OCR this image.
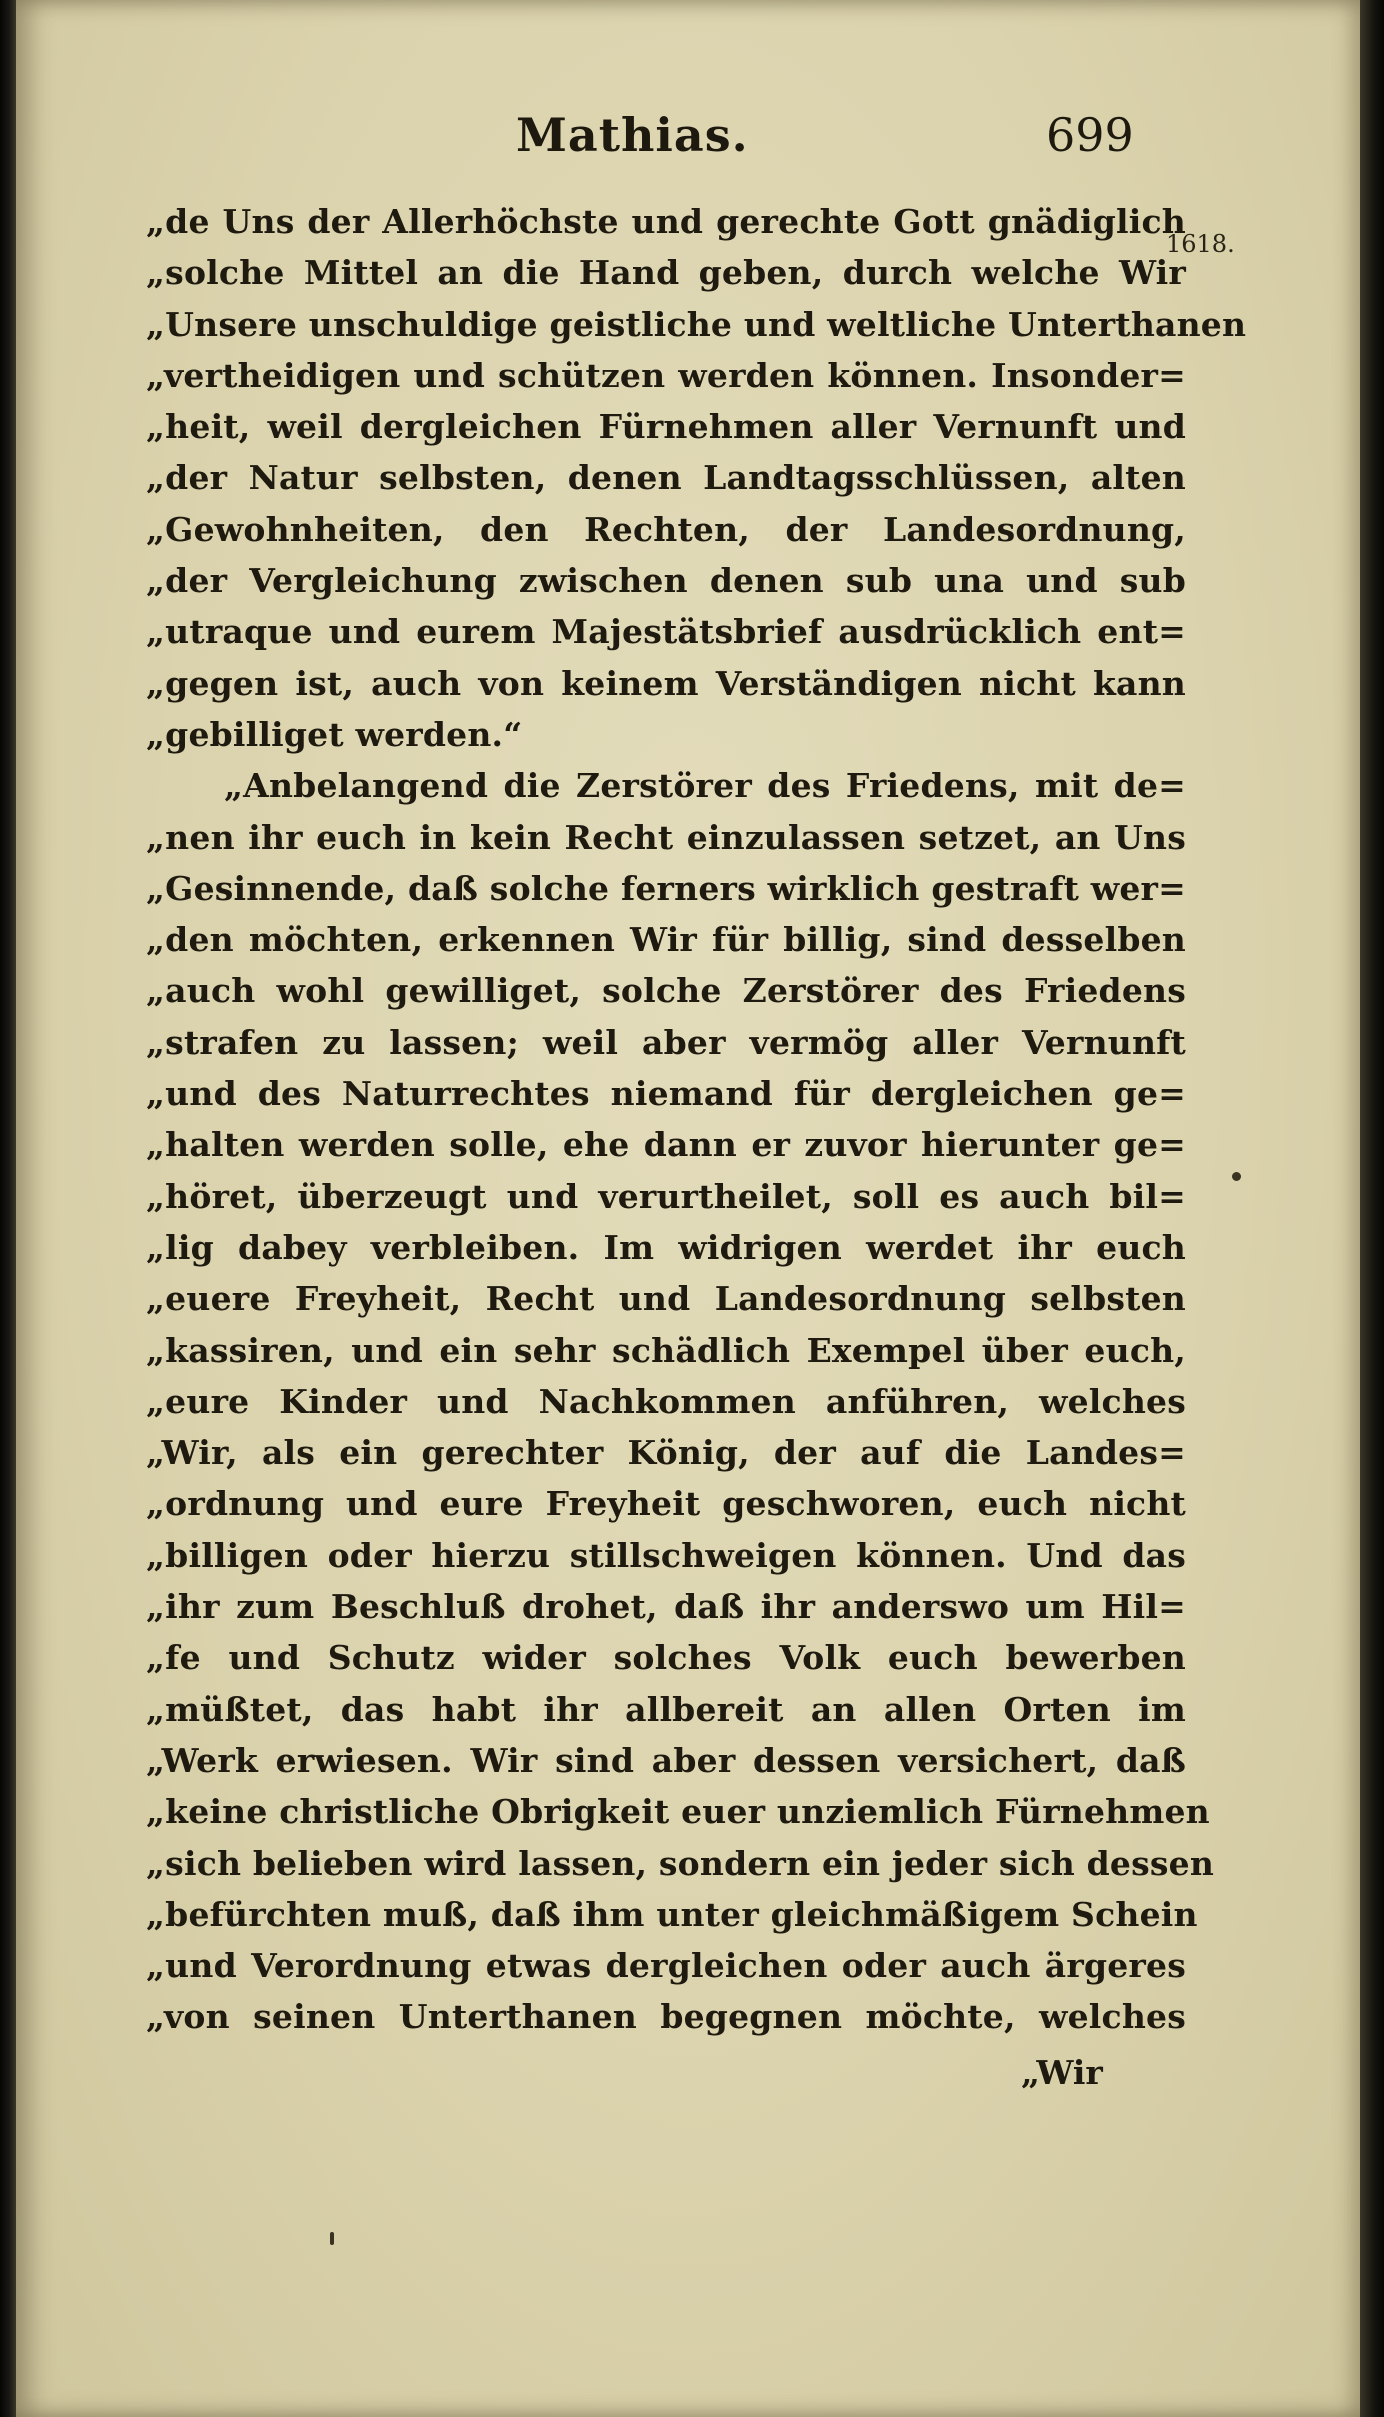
Mathias.	699
1618.
„de Uns der Allerhöchste und gerechte Gott gnädiglich
„solche Mittel an die Hand geben, durch welche Wir
„Unsere unschuldige geistliche und weltliche Unterthanen
„vertheidigen und schützen werden können. Insonder=
„heit, weil dergleichen Fürnehmen aller Vernunft und
„der Natur selbsten, denen Landtagsschlüssen, alten
„Gewohnheiten, den Rechten, der Landesordnung,
„der Vergleichung zwischen denen sub una und sub
„utraque und eurem Majestätsbrief ausdrücklich ent=
„gegen ist, auch von keinem Verständigen nicht kann
„gebilliget werden.“
„Anbelangend die Zerstörer des Friedens, mit de=
„nen ihr euch in kein Recht einzulassen setzet, an Uns
„Gesinnende, daß solche ferners wirklich gestraft wer=
„den möchten, erkennen Wir für billig, sind desselben
„auch wohl gewilliget, solche Zerstörer des Friedens
„strafen zu lassen; weil aber vermög aller Vernunft
„und des Naturrechtes niemand für dergleichen ge=
„halten werden solle, ehe dann er zuvor hierunter ge=
„höret, überzeugt und verurtheilet, soll es auch bil=
„lig dabey verbleiben. Im widrigen werdet ihr euch
„euere Freyheit, Recht und Landesordnung selbsten
„kassiren, und ein sehr schädlich Exempel über euch,
„eure Kinder und Nachkommen anführen, welches
„Wir, als ein gerechter König, der auf die Landes=
„ordnung und eure Freyheit geschworen, euch nicht
„billigen oder hierzu stillschweigen können. Und das
„ihr zum Beschluß drohet, daß ihr anderswo um Hil=
„fe und Schutz wider solches Volk euch bewerben
„müßtet, das habt ihr allbereit an allen Orten im
„Werk erwiesen. Wir sind aber dessen versichert, daß
„keine christliche Obrigkeit euer unziemlich Fürnehmen
„sich belieben wird lassen, sondern ein jeder sich dessen
„befürchten muß, daß ihm unter gleichmäßigem Schein
„und Verordnung etwas dergleichen oder auch ärgeres
„von seinen Unterthanen begegnen möchte, welches
„Wir
